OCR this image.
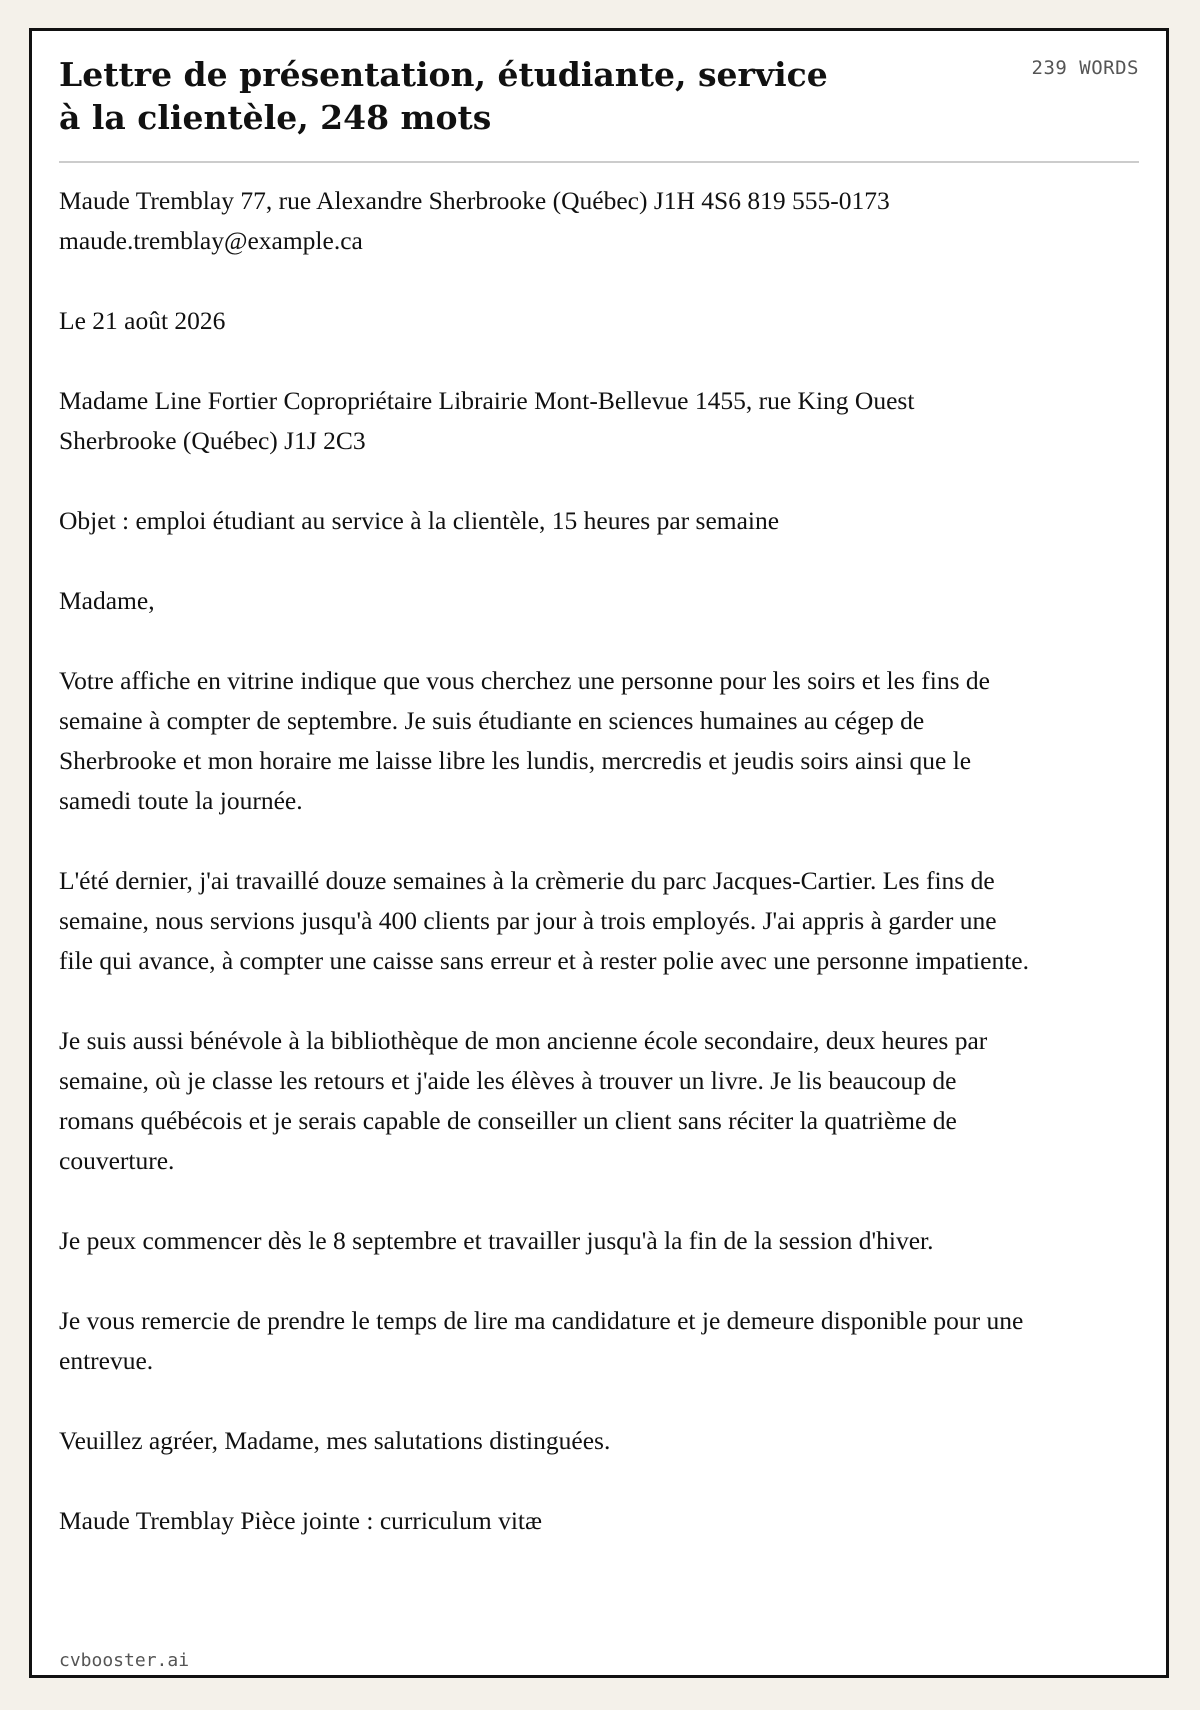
Lettre de présentation, étudiante, service à la clientèle, 248 mots
239 WORDS

Maude Tremblay 77, rue Alexandre Sherbrooke (Québec) J1H 4S6 819 555-0173 maude.tremblay@example.ca

Le 21 août 2026

Madame Line Fortier Copropriétaire Librairie Mont-Bellevue 1455, rue King Ouest Sherbrooke (Québec) J1J 2C3

Objet : emploi étudiant au service à la clientèle, 15 heures par semaine

Madame,

Votre affiche en vitrine indique que vous cherchez une personne pour les soirs et les fins de semaine à compter de septembre. Je suis étudiante en sciences humaines au cégep de Sherbrooke et mon horaire me laisse libre les lundis, mercredis et jeudis soirs ainsi que le samedi toute la journée.

L'été dernier, j'ai travaillé douze semaines à la crèmerie du parc Jacques-Cartier. Les fins de semaine, nous servions jusqu'à 400 clients par jour à trois employés. J'ai appris à garder une file qui avance, à compter une caisse sans erreur et à rester polie avec une personne impatiente.

Je suis aussi bénévole à la bibliothèque de mon ancienne école secondaire, deux heures par semaine, où je classe les retours et j'aide les élèves à trouver un livre. Je lis beaucoup de romans québécois et je serais capable de conseiller un client sans réciter la quatrième de couverture.

Je peux commencer dès le 8 septembre et travailler jusqu'à la fin de la session d'hiver.

Je vous remercie de prendre le temps de lire ma candidature et je demeure disponible pour une entrevue.

Veuillez agréer, Madame, mes salutations distinguées.

Maude Tremblay Pièce jointe : curriculum vitæ

cvbooster.ai
